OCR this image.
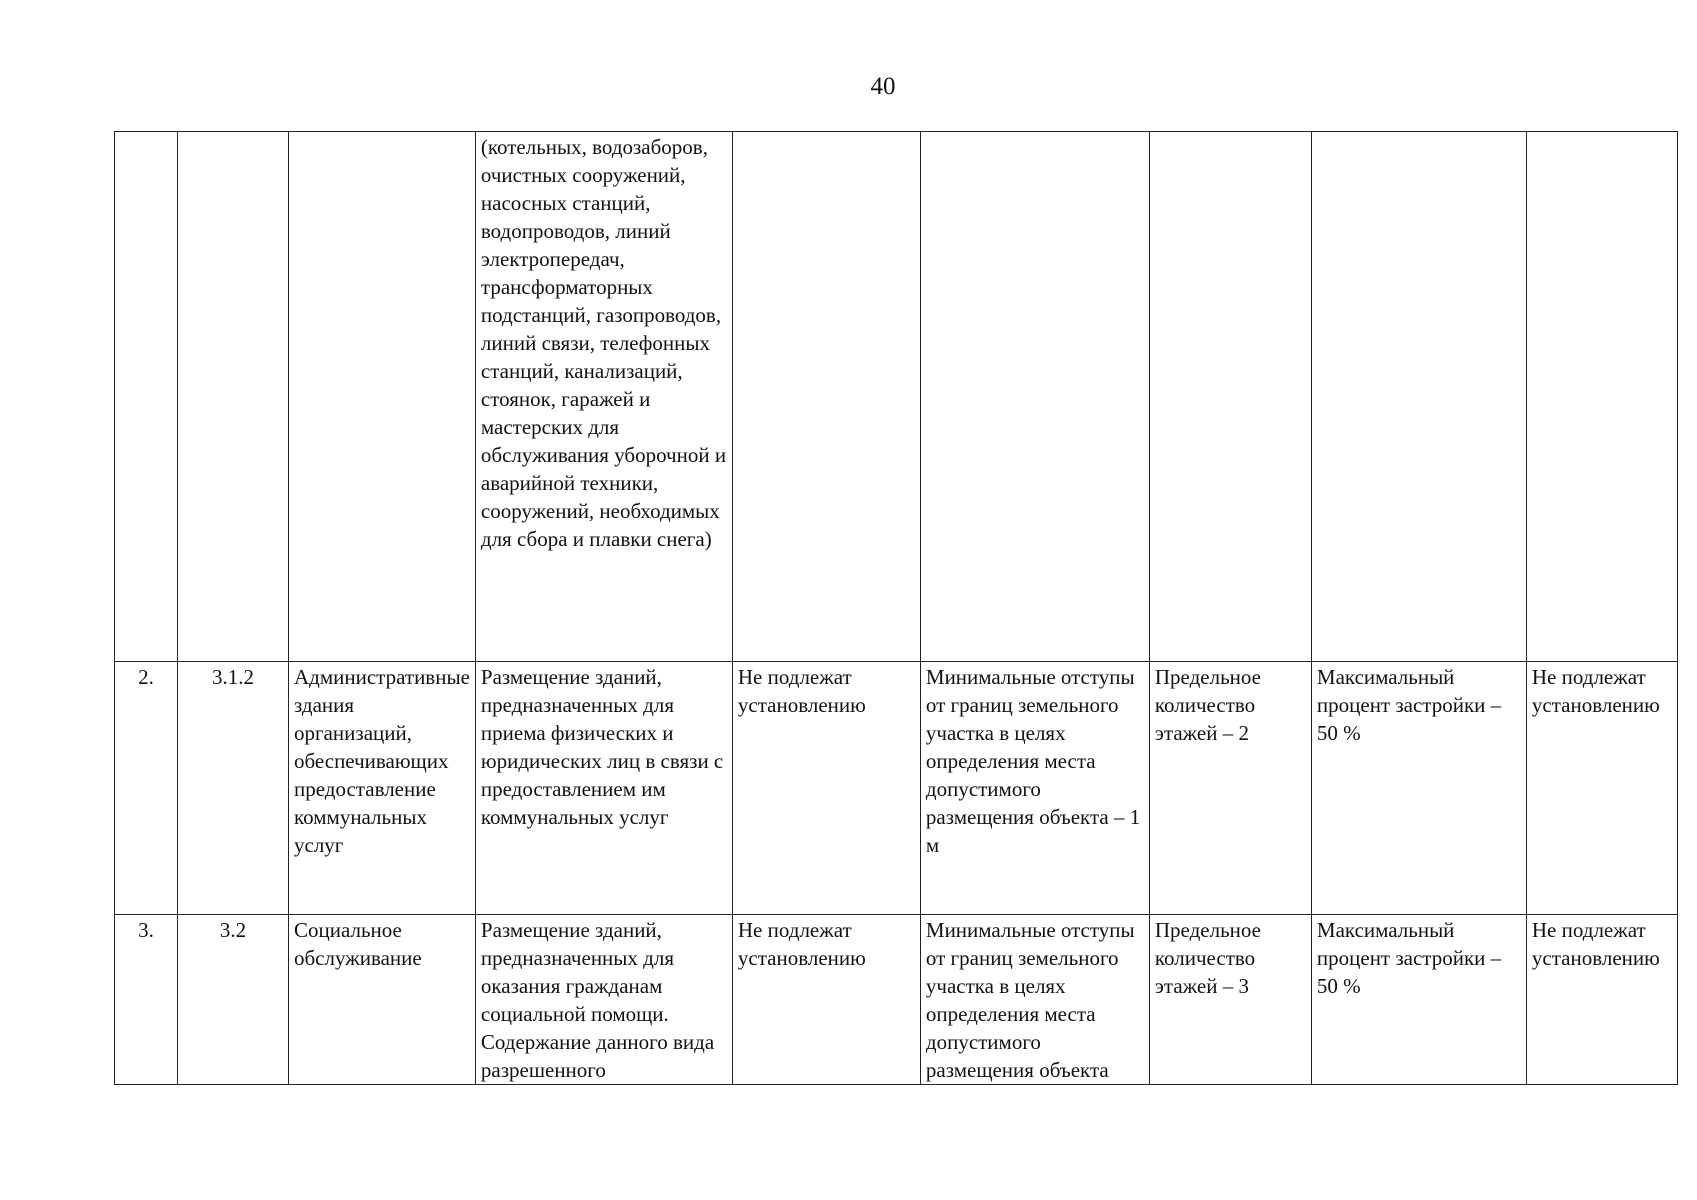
40
			(котельных, водозаборов, очистных сооружений, насосных станций, водопроводов, линий электропередач, трансформаторных подстанций, газопроводов, линий связи, телефонных станций, канализаций, стоянок, гаражей и мастерских для обслуживания уборочной и аварийной техники, сооружений, необходимых для сбора и плавки снега)					
2.	3.1.2	Административные здания организаций, обеспечивающих предоставление коммунальных услуг	Размещение зданий, предназначенных для приема физических и юридических лиц в связи с предоставлением им коммунальных услуг	Не подлежат установлению	Минимальные отступы от границ земельного участка в целях определения места допустимого размещения объекта – 1 м	Предельное количество этажей – 2	Максимальный процент застройки – 50 %	Не подлежат установлению
3.	3.2	Социальное обслуживание	Размещение зданий, предназначенных для оказания гражданам социальной помощи. Содержание данного вида разрешенного	Не подлежат установлению	Минимальные отступы от границ земельного участка в целях определения места допустимого размещения объекта	Предельное количество этажей – 3	Максимальный процент застройки – 50 %	Не подлежат установлению
